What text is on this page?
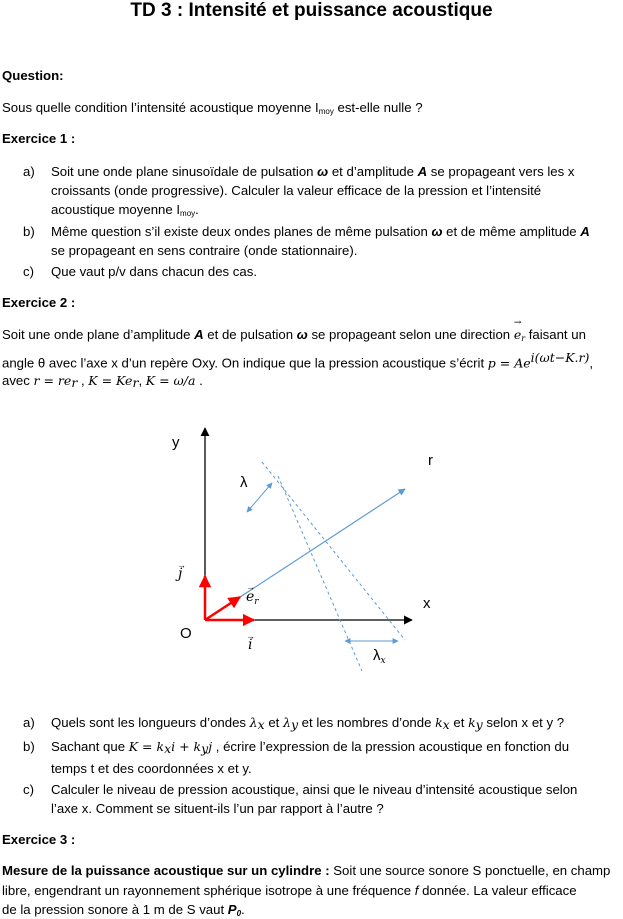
TD 3 : Intensité et puissance acoustique
Question:
Sous quelle condition l’intensité acoustique moyenne $I_{moy}$ est-elle nulle ?
Exercice 1 :
a)	Soit une onde plane sinusoïdale de pulsation ω et d’amplitude A se propageant vers les x
croissants (onde progressive). Calculer la valeur efficace de la pression et l’intensité
acoustique moyenne $I_{moy}$.
b)	Même question s’il existe deux ondes planes de même pulsation ω et de même amplitude A
se propageant en sens contraire (onde stationnaire).
c)	Que vaut p/v dans chacun des cas.
Exercice 2 :
Soit une onde plane d’amplitude A et de pulsation ω se propageant selon une direction
→
$e_r$ faisant un
angle θ avec l’axe x d’un repère Oxy. On indique que la pression acoustique s’écrit $p = Ae^{i(\omega t-K.r)}$,
avec $r = re_r$ , $K = Ke_r$, K = ω/a .
y
r
x
O
λ
$\lambda_x$
j
→
i
→
$e_r$
→
a)	Quels sont les longueurs d’ondes $\lambda_x$ et $\lambda_y$ et les nombres d’onde $k_x$ et $k_y$ selon x et y ?
b)	Sachant que $K = k_xi + k_yj$ , écrire l’expression de la pression acoustique en fonction du
temps t et des coordonnées x et y.
c)	Calculer le niveau de pression acoustique, ainsi que le niveau d’intensité acoustique selon
l’axe x. Comment se situent-ils l’un par rapport à l’autre ?
Exercice 3 :
Mesure de la puissance acoustique sur un cylindre : Soit une source sonore S ponctuelle, en champ
libre, engendrant un rayonnement sphérique isotrope à une fréquence f donnée. La valeur efficace
de la pression sonore à 1 m de S vaut $P_0$.
